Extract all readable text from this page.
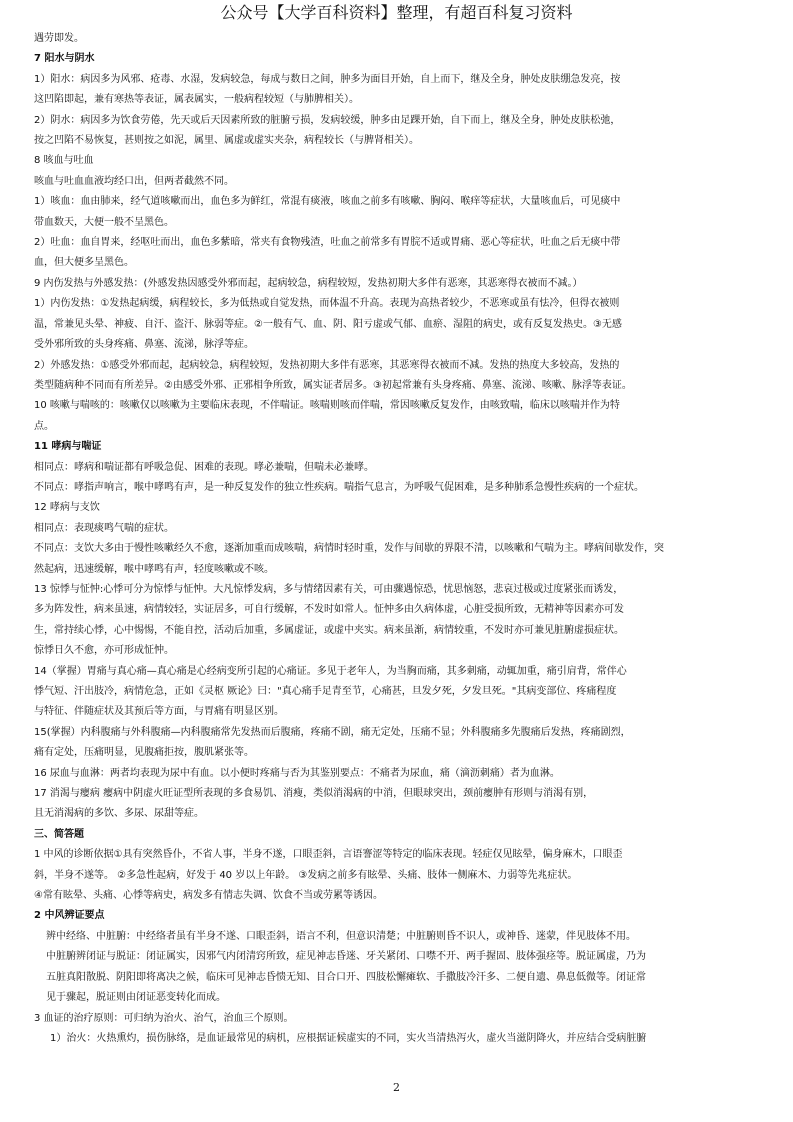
公众号【大学百科资料】整理，有超百科复习资料

遇劳即发。

7 阳水与阴水

1）阳水：病因多为风邪、疮毒、水湿，发病较急，每成与数日之间，肿多为面目开始，自上而下，继及全身，肿处皮肤绷急发亮，按

这凹陷即起，兼有寒热等表证，属表属实，一般病程较短（与肺脾相关）。

2）阴水：病因多为饮食劳倦，先天或后天因素所致的脏腑亏损，发病较缓，肿多由足踝开始，自下而上，继及全身，肿处皮肤松弛，

按之凹陷不易恢复，甚则按之如泥，属里、属虚或虚实夹杂，病程较长（与脾肾相关）。

8 咳血与吐血

咳血与吐血血液均经口出，但两者截然不同。

1）咳血：血由肺来，经气道咳嗽而出，血色多为鲜红，常混有痰液，咳血之前多有咳嗽、胸闷、喉痒等症状，大量咳血后，可见痰中

带血数天，大便一般不呈黑色。

2）吐血：血自胃来，经呕吐而出，血色多紫暗，常夹有食物残渣，吐血之前常多有胃脘不适或胃痛、恶心等症状，吐血之后无痰中带

血，但大便多呈黑色。

9 内伤发热与外感发热：(外感发热因感受外邪而起，起病较急，病程较短，发热初期大多伴有恶寒，其恶寒得衣被而不减。）

1）内伤发热：①发热起病缓，病程较长，多为低热或自觉发热，而体温不升高。表现为高热者较少，不恶寒或虽有怯冷，但得衣被则

温，常兼见头晕、神疲、自汗、盗汗、脉弱等症。②一般有气、血、阴、阳亏虚或气郁、血瘀、湿阻的病史，或有反复发热史。③无感

受外邪所致的头身疼痛、鼻塞、流涕，脉浮等症。

2）外感发热：①感受外邪而起，起病较急，病程较短，发热初期大多伴有恶寒，其恶寒得衣被而不减。发热的热度大多较高，发热的

类型随病种不同而有所差异。②由感受外邪、正邪相争所致，属实证者居多。③初起常兼有头身疼痛、鼻塞、流涕、咳嗽、脉浮等表证。

10 咳嗽与喘咳的：咳嗽仅以咳嗽为主要临床表现，不伴喘证。咳喘则咳而伴喘，常因咳嗽反复发作，由咳致喘，临床以咳喘并作为特

点。

11 哮病与喘证

相同点：哮病和喘证都有呼吸急促、困难的表现。哮必兼喘，但喘未必兼哮。

不同点：哮指声响言，喉中哮鸣有声，是一种反复发作的独立性疾病。喘指气息言，为呼吸气促困难，是多种肺系急慢性疾病的一个症状。

12 哮病与支饮

相同点：表现痰鸣气喘的症状。

不同点：支饮大多由于慢性咳嗽经久不愈，逐渐加重而成咳喘，病情时轻时重，发作与间歇的界限不清，以咳嗽和气喘为主。哮病间歇发作，突

然起病，迅速缓解，喉中哮鸣有声，轻度咳嗽或不咳。

13 惊悸与怔忡:心悸可分为惊悸与怔忡。大凡惊悸发病，多与情绪因素有关，可由骤遇惊恐，忧思恼怒，悲哀过极或过度紧张而诱发，

多为阵发性，病来虽速，病情较轻，实证居多，可自行缓解，不发时如常人。怔忡多由久病体虚，心脏受损所致，无精神等因素亦可发

生，常持续心悸，心中惕惕，不能自控，活动后加重，多属虚证，或虚中夹实。病来虽渐，病情较重，不发时亦可兼见脏腑虚损症状。

惊悸日久不愈，亦可形成怔忡。

14（掌握）胃痛与真心痛—真心痛是心经病变所引起的心痛证。多见于老年人，为当胸而痛，其多刺痛，动辄加重，痛引肩背，常伴心

悸气短、汗出肢冷，病情危急，正如《灵枢 厥论》曰："真心痛手足青至节，心痛甚，旦发夕死，夕发旦死。"其病变部位、疼痛程度

与特征、伴随症状及其预后等方面，与胃痛有明显区别。

15(掌握）内科腹痛与外科腹痛—内科腹痛常先发热而后腹痛，疼痛不剧，痛无定处，压痛不显；外科腹痛多先腹痛后发热，疼痛剧烈，

痛有定处，压痛明显，见腹痛拒按，腹肌紧张等。

16 尿血与血淋：两者均表现为尿中有血。以小便时疼痛与否为其鉴别要点：不痛者为尿血，痛（滴沥刺痛）者为血淋。

17 消渴与瘿病 瘿病中阴虚火旺证型所表现的多食易饥、消瘦，类似消渴病的中消，但眼球突出，颈前瘿肿有形则与消渴有别，

且无消渴病的多饮、多尿、尿甜等症。

三、简答题

1 中风的诊断依据①具有突然昏仆，不省人事，半身不遂，口眼歪斜，言语謇涩等特定的临床表现。轻症仅见眩晕，偏身麻木，口眼歪

斜，半身不遂等。 ②多急性起病，好发于 40 岁以上年龄。 ③发病之前多有眩晕、头痛、肢体一侧麻木、力弱等先兆症状。

④常有眩晕、头痛、心悸等病史，病发多有情志失调、饮食不当或劳累等诱因。

2 中风辨证要点

辨中经络、中脏腑：中经络者虽有半身不遂、口眼歪斜，语言不利，但意识清楚；中脏腑则昏不识人，或神昏、迷蒙，伴见肢体不用。

中脏腑辨闭证与脱证：闭证属实，因邪气内闭清窍所致，症见神志昏迷、牙关紧闭、口噤不开、两手握固、肢体强痉等。脱证属虚，乃为

五脏真阳散脱、阴阳即将离决之候，临床可见神志昏愦无知、目合口开、四肢松懈瘫软、手撒肢冷汗多、二便自遗、鼻息低微等。闭证常

见于骤起，脱证则由闭证恶变转化而成。

3 血证的治疗原则：可归纳为治火、治气，治血三个原则。

1）治火：火热熏灼，损伤脉络，是血证最常见的病机，应根据证候虚实的不同，实火当清热泻火，虚火当滋阴降火，并应结合受病脏腑

2
